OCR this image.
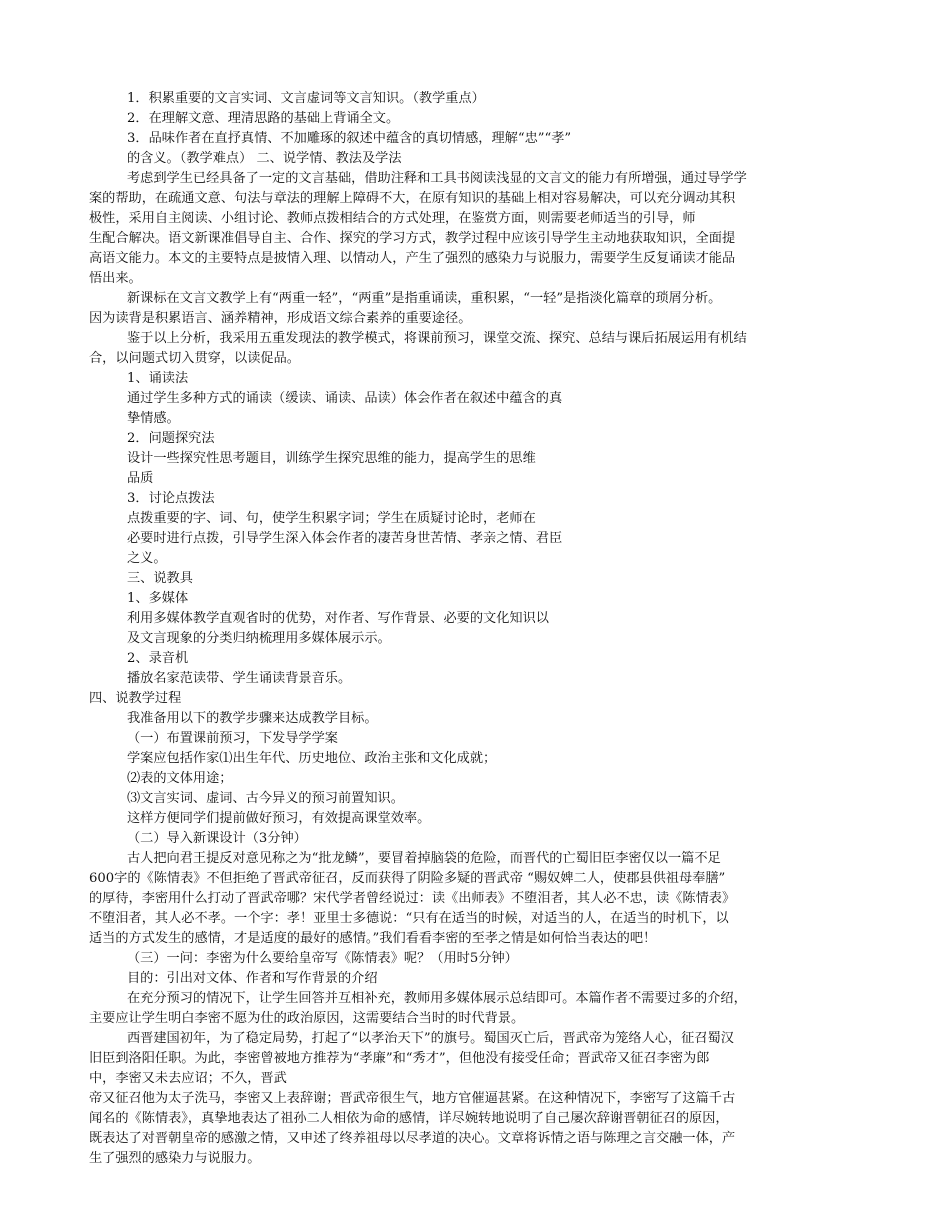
1．积累重要的文言实词、文言虚词等文言知识。（教学重点）
2．在理解文意、理清思路的基础上背诵全文。
3．品味作者在直抒真情、不加雕琢的叙述中蕴含的真切情感，理解“忠”“孝”
的含义。（教学难点） 二、说学情、教法及学法
考虑到学生已经具备了一定的文言基础，借助注释和工具书阅读浅显的文言文的能力有所增强，通过导学学
案的帮助，在疏通文意、句法与章法的理解上障碍不大，在原有知识的基础上相对容易解决，可以充分调动其积
极性，采用自主阅读、小组讨论、教师点拨相结合的方式处理，在鉴赏方面，则需要老师适当的引导，师
生配合解决。语文新课准倡导自主、合作、探究的学习方式，教学过程中应该引导学生主动地获取知识，全面提
高语文能力。本文的主要特点是披情入理、以情动人，产生了强烈的感染力与说服力，需要学生反复诵读才能品
悟出来。
新课标在文言文教学上有“两重一轻”，“两重”是指重诵读，重积累，“一轻”是指淡化篇章的琐屑分析。
因为读背是积累语言、涵养精神，形成语文综合素养的重要途径。
鉴于以上分析，我采用五重发现法的教学模式，将课前预习，课堂交流、探究、总结与课后拓展运用有机结
合，以问题式切入贯穿，以读促品。
1、诵读法
通过学生多种方式的诵读（缓读、诵读、品读）体会作者在叙述中蕴含的真
挚情感。
2．问题探究法
设计一些探究性思考题目，训练学生探究思维的能力，提高学生的思维
品质
3．讨论点拨法
点拨重要的字、词、句，使学生积累字词；学生在质疑讨论时，老师在
必要时进行点拨，引导学生深入体会作者的凄苦身世苦情、孝亲之情、君臣
之义。
三、说教具
1、多媒体
利用多媒体教学直观省时的优势，对作者、写作背景、必要的文化知识以
及文言现象的分类归纳梳理用多媒体展示示。
2、录音机
播放名家范读带、学生诵读背景音乐。
四、说教学过程
我准备用以下的教学步骤来达成教学目标。
（一）布置课前预习，下发导学学案
学案应包括作家⑴出生年代、历史地位、政治主张和文化成就；
⑵表的文体用途；
⑶文言实词、虚词、古今异义的预习前置知识。
这样方便同学们提前做好预习，有效提高课堂效率。
（二）导入新课设计（3分钟）
古人把向君王提反对意见称之为“批龙鳞”，要冒着掉脑袋的危险，而晋代的亡蜀旧臣李密仅以一篇不足
600字的《陈情表》不但拒绝了晋武帝征召，反而获得了阴险多疑的晋武帝 “赐奴婢二人，使郡县供祖母奉膳”
的厚待，李密用什么打动了晋武帝哪？宋代学者曾经说过：读《出师表》不堕泪者，其人必不忠，读《陈情表》
不堕泪者，其人必不孝。一个字：孝！亚里士多德说：“只有在适当的时候，对适当的人，在适当的时机下，以
适当的方式发生的感情，才是适度的最好的感情。”我们看看李密的至孝之情是如何恰当表达的吧！
（三）一问：李密为什么要给皇帝写《陈情表》呢？（用时5分钟）
目的：引出对文体、作者和写作背景的介绍
在充分预习的情况下，让学生回答并互相补充，教师用多媒体展示总结即可。本篇作者不需要过多的介绍，
主要应让学生明白李密不愿为仕的政治原因，这需要结合当时的时代背景。
西晋建国初年，为了稳定局势，打起了“以孝治天下”的旗号。蜀国灭亡后，晋武帝为笼络人心，征召蜀汉
旧臣到洛阳任职。为此，李密曾被地方推荐为“孝廉”和“秀才”，但他没有接受任命；晋武帝又征召李密为郎
中，李密又未去应诏；不久，晋武
帝又征召他为太子洗马，李密又上表辞谢；晋武帝很生气，地方官催逼甚紧。在这种情况下，李密写了这篇千古
闻名的《陈情表》，真挚地表达了祖孙二人相依为命的感情，详尽婉转地说明了自己屡次辞谢晋朝征召的原因，
既表达了对晋朝皇帝的感激之情，又申述了终养祖母以尽孝道的决心。文章将诉情之语与陈理之言交融一体，产
生了强烈的感染力与说服力。
